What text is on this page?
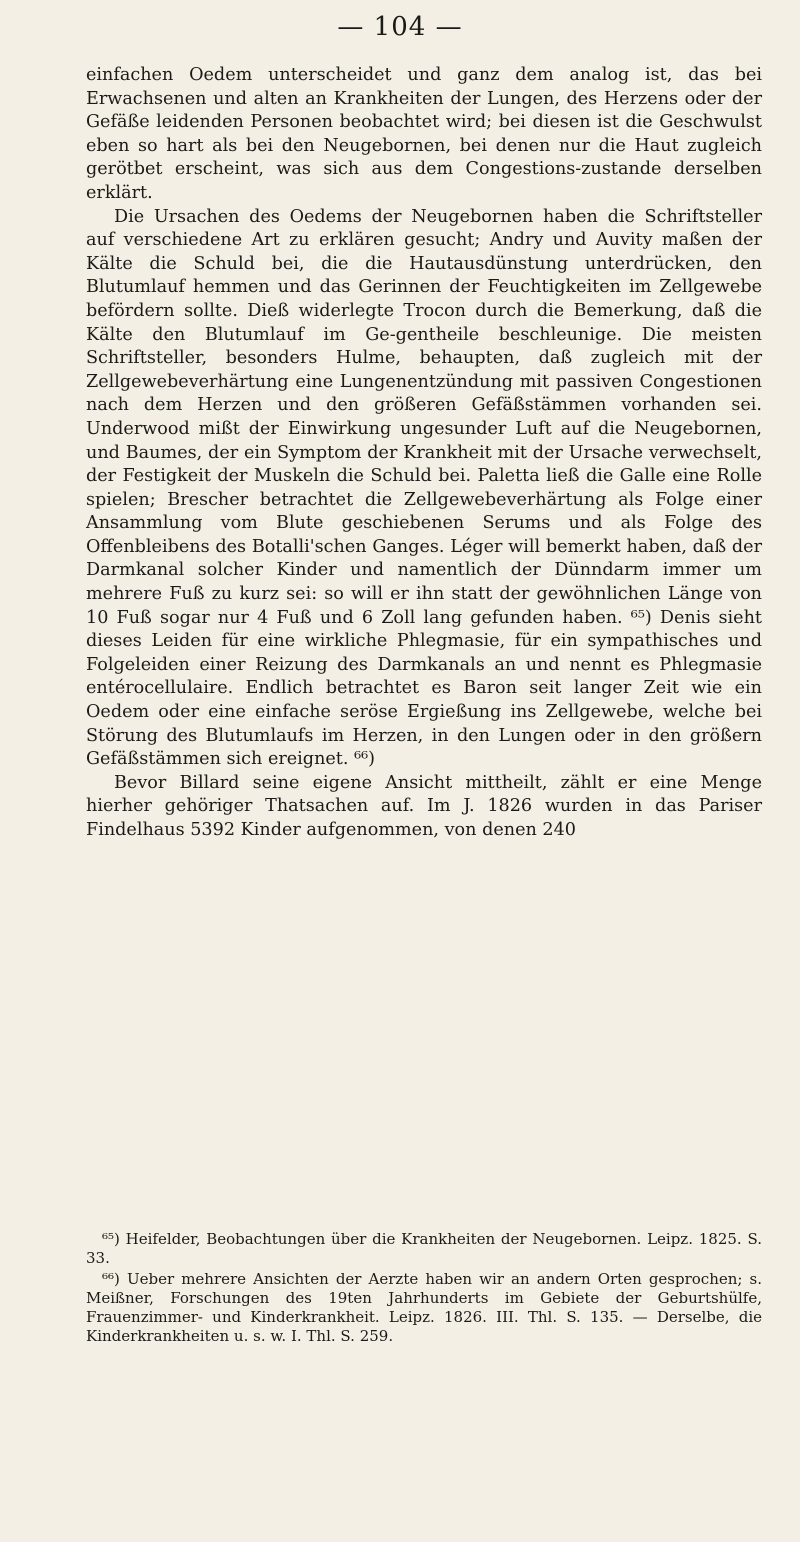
— 104 —

einfachen Oedem unterscheidet und ganz dem analog ist, das bei Erwachsenen und alten an Krankheiten der Lungen, des Herzens oder der Gefäße leidenden Personen beobachtet wird; bei diesen ist die Geschwulst eben so hart als bei den Neugebornen, bei denen nur die Haut zugleich gerötbet erscheint, was sich aus dem Congestions-zustande derselben erklärt.

Die Ursachen des Oedems der Neugebornen haben die Schriftsteller auf verschiedene Art zu erklären gesucht; Andry und Auvity maßen der Kälte die Schuld bei, die die Hautausdünstung unterdrücken, den Blutumlauf hemmen und das Gerinnen der Feuchtigkeiten im Zellgewebe befördern sollte. Dieß widerlegte Trocon durch die Bemerkung, daß die Kälte den Blutumlauf im Ge-gentheile beschleunige. Die meisten Schriftsteller, besonders Hulme, behaupten, daß zugleich mit der Zellgewebeverhärtung eine Lungenentzündung mit passiven Congestionen nach dem Herzen und den größeren Gefäßstämmen vorhanden sei. Underwood mißt der Einwirkung ungesunder Luft auf die Neugebornen, und Baumes, der ein Symptom der Krankheit mit der Ursache verwechselt, der Festigkeit der Muskeln die Schuld bei. Paletta ließ die Galle eine Rolle spielen; Brescher betrachtet die Zellgewebeverhärtung als Folge einer Ansammlung vom Blute geschiebenen Serums und als Folge des Offenbleibens des Botalli'schen Ganges. Léger will bemerkt haben, daß der Darmkanal solcher Kinder und namentlich der Dünndarm immer um mehrere Fuß zu kurz sei: so will er ihn statt der gewöhnlichen Länge von 10 Fuß sogar nur 4 Fuß und 6 Zoll lang gefunden haben. ⁶⁵) Denis sieht dieses Leiden für eine wirkliche Phlegmasie, für ein sympathisches und Folgeleiden einer Reizung des Darmkanals an und nennt es Phlegmasie entérocellulaire. Endlich betrachtet es Baron seit langer Zeit wie ein Oedem oder eine einfache seröse Ergießung ins Zellgewebe, welche bei Störung des Blutumlaufs im Herzen, in den Lungen oder in den größern Gefäßstämmen sich ereignet. ⁶⁶)

Bevor Billard seine eigene Ansicht mittheilt, zählt er eine Menge hierher gehöriger Thatsachen auf. Im J. 1826 wurden in das Pariser Findelhaus 5392 Kinder aufgenommen, von denen 240

⁶⁵) Heifelder, Beobachtungen über die Krankheiten der Neugebornen. Leipz. 1825. S. 33.

⁶⁶) Ueber mehrere Ansichten der Aerzte haben wir an andern Orten gesprochen; s. Meißner, Forschungen des 19ten Jahrhunderts im Gebiete der Geburtshülfe, Frauenzimmer- und Kinderkrankheit. Leipz. 1826. III. Thl. S. 135. — Derselbe, die Kinderkrankheiten u. s. w. I. Thl. S. 259.
